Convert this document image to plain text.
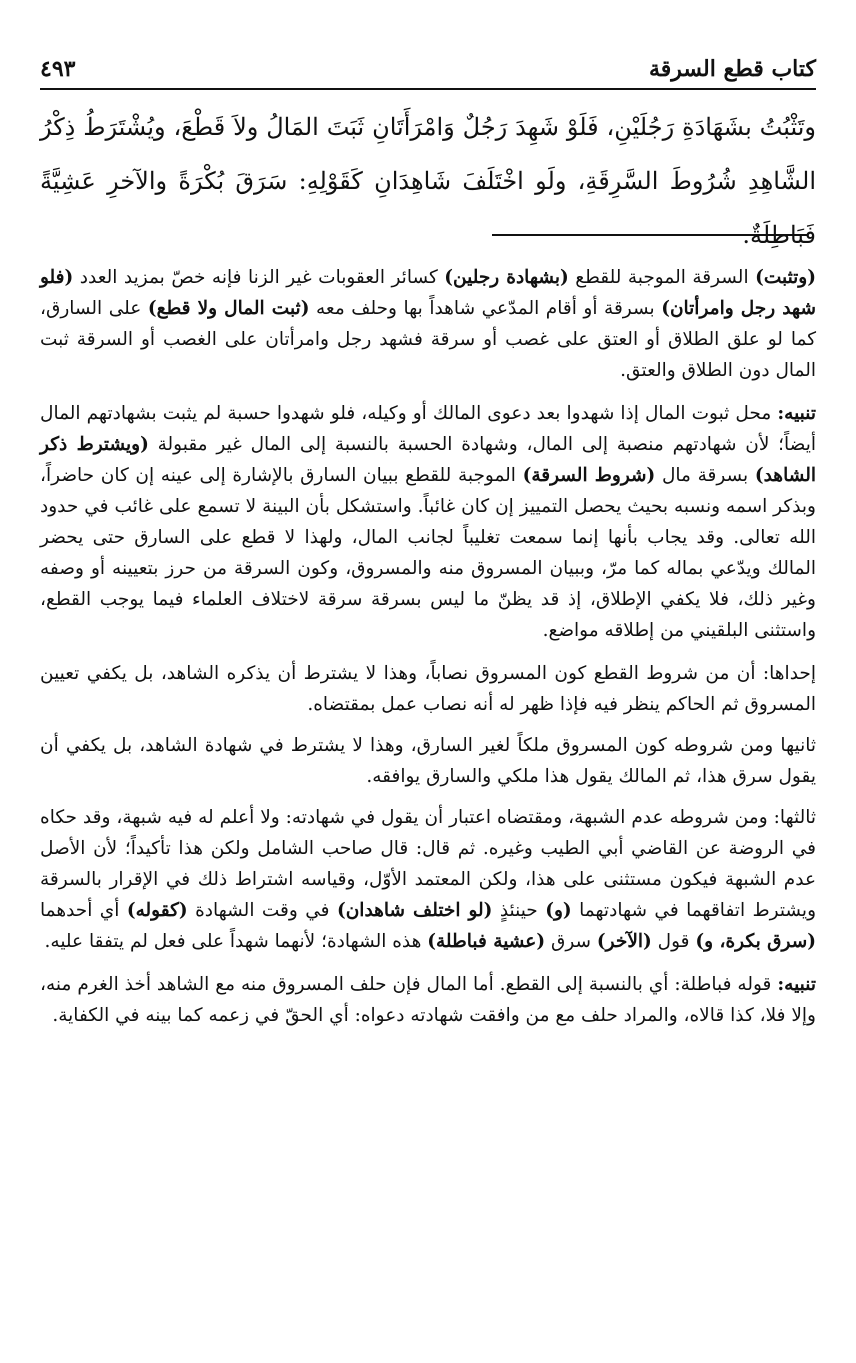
٤٩٣	كتاب قطع السرقة

وتَثْبُتُ بشَهَادَةِ رَجُلَيْنِ، فَلَوْ شَهِدَ رَجُلٌ وَامْرَأَتَانِ ثَبَتَ المَالُ ولاَ قَطْعَ، ويُشْتَرَطُ ذِكْرُ الشَّاهِدِ شُرُوطَ السَّرِقَةِ، ولَو اخْتَلَفَ شَاهِدَانِ كَقَوْلِهِ: سَرَقَ بُكْرَةً والآخرِ عَشِيَّةً فَبَاطِلَةٌ.

(وتثبت) السرقة الموجبة للقطع (بشهادة رجلين) كسائر العقوبات غير الزنا فإنه خصّ بمزيد العدد (فلو شهد رجل وامرأتان) بسرقة أو أقام المدّعي شاهداً بها وحلف معه (ثبت المال ولا قطع) على السارق، كما لو علق الطلاق أو العتق على غصب أو سرقة فشهد رجل وامرأتان على الغصب أو السرقة ثبت المال دون الطلاق والعتق.

تنبيه: محل ثبوت المال إذا شهدوا بعد دعوى المالك أو وكيله، فلو شهدوا حسبة لم يثبت بشهادتهم المال أيضاً؛ لأن شهادتهم منصبة إلى المال، وشهادة الحسبة بالنسبة إلى المال غير مقبولة (ويشترط ذكر الشاهد) بسرقة مال (شروط السرقة) الموجبة للقطع ببيان السارق بالإشارة إلى عينه إن كان حاضراً، وبذكر اسمه ونسبه بحيث يحصل التمييز إن كان غائباً. واستشكل بأن البينة لا تسمع على غائب في حدود الله تعالى. وقد يجاب بأنها إنما سمعت تغليباً لجانب المال، ولهذا لا قطع على السارق حتى يحضر المالك ويدّعي بماله كما مرّ، وببيان المسروق منه والمسروق، وكون السرقة من حرز بتعيينه أو وصفه وغير ذلك، فلا يكفي الإطلاق، إذ قد يظنّ ما ليس بسرقة سرقة لاختلاف العلماء فيما يوجب القطع، واستثنى البلقيني من إطلاقه مواضع.

إحداها: أن من شروط القطع كون المسروق نصاباً، وهذا لا يشترط أن يذكره الشاهد، بل يكفي تعيين المسروق ثم الحاكم ينظر فيه فإذا ظهر له أنه نصاب عمل بمقتضاه.

ثانيها ومن شروطه كون المسروق ملكاً لغير السارق، وهذا لا يشترط في شهادة الشاهد، بل يكفي أن يقول سرق هذا، ثم المالك يقول هذا ملكي والسارق يوافقه.

ثالثها: ومن شروطه عدم الشبهة، ومقتضاه اعتبار أن يقول في شهادته: ولا أعلم له فيه شبهة، وقد حكاه في الروضة عن القاضي أبي الطيب وغيره. ثم قال: قال صاحب الشامل ولكن هذا تأكيداً؛ لأن الأصل عدم الشبهة فيكون مستثنى على هذا، ولكن المعتمد الأوّل، وقياسه اشتراط ذلك في الإقرار بالسرقة ويشترط اتفاقهما في شهادتهما (و) حينئذٍ (لو اختلف شاهدان) في وقت الشهادة (كقوله) أي أحدهما (سرق بكرة، و) قول (الآخر) سرق (عشية فباطلة) هذه الشهادة؛ لأنهما شهداً على فعل لم يتفقا عليه.

تنبيه: قوله فباطلة: أي بالنسبة إلى القطع. أما المال فإن حلف المسروق منه مع الشاهد أخذ الغرم منه، وإلا فلا، كذا قالاه، والمراد حلف مع من وافقت شهادته دعواه: أي الحقّ في زعمه كما بينه في الكفاية.
